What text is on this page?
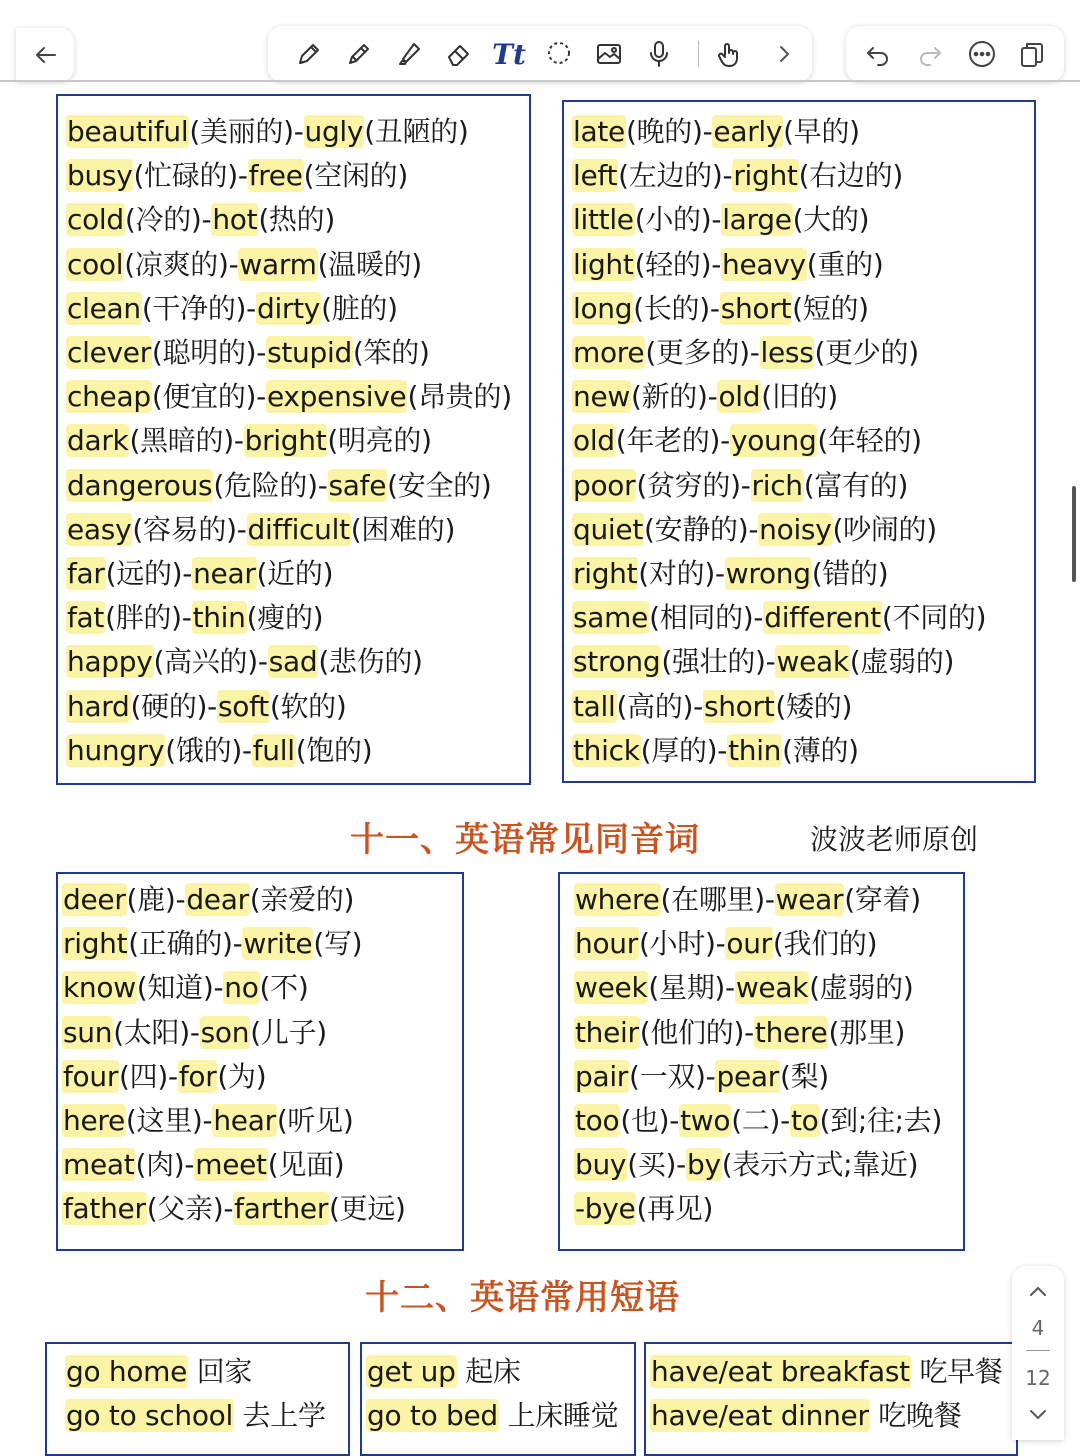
Tt
beautiful(美丽的)-ugly(丑陋的)
busy(忙碌的)-free(空闲的)
cold(冷的)-hot(热的)
cool(凉爽的)-warm(温暖的)
clean(干净的)-dirty(脏的)
clever(聪明的)-stupid(笨的)
cheap(便宜的)-expensive(昂贵的)
dark(黑暗的)-bright(明亮的)
dangerous(危险的)-safe(安全的)
easy(容易的)-difficult(困难的)
far(远的)-near(近的)
fat(胖的)-thin(瘦的)
happy(高兴的)-sad(悲伤的)
hard(硬的)-soft(软的)
hungry(饿的)-full(饱的)
late(晚的)-early(早的)
left(左边的)-right(右边的)
little(小的)-large(大的)
light(轻的)-heavy(重的)
long(长的)-short(短的)
more(更多的)-less(更少的)
new(新的)-old(旧的)
old(年老的)-young(年轻的)
poor(贫穷的)-rich(富有的)
quiet(安静的)-noisy(吵闹的)
right(对的)-wrong(错的)
same(相同的)-different(不同的)
strong(强壮的)-weak(虚弱的)
tall(高的)-short(矮的)
thick(厚的)-thin(薄的)
十一、英语常见同音词	波波老师原创
deer(鹿)-dear(亲爱的)
right(正确的)-write(写)
know(知道)-no(不)
sun(太阳)-son(儿子)
four(四)-for(为)
here(这里)-hear(听见)
meat(肉)-meet(见面)
father(父亲)-farther(更远)
where(在哪里)-wear(穿着)
hour(小时)-our(我们的)
week(星期)-weak(虚弱的)
their(他们的)-there(那里)
pair(一双)-pear(梨)
too(也)-two(二)-to(到;往;去)
buy(买)-by(表示方式;靠近)
-bye(再见)
十二、英语常用短语
go home 回家
go to school 去上学
get up 起床
go to bed 上床睡觉
have/eat breakfast 吃早餐
have/eat dinner 吃晚餐
4
12
